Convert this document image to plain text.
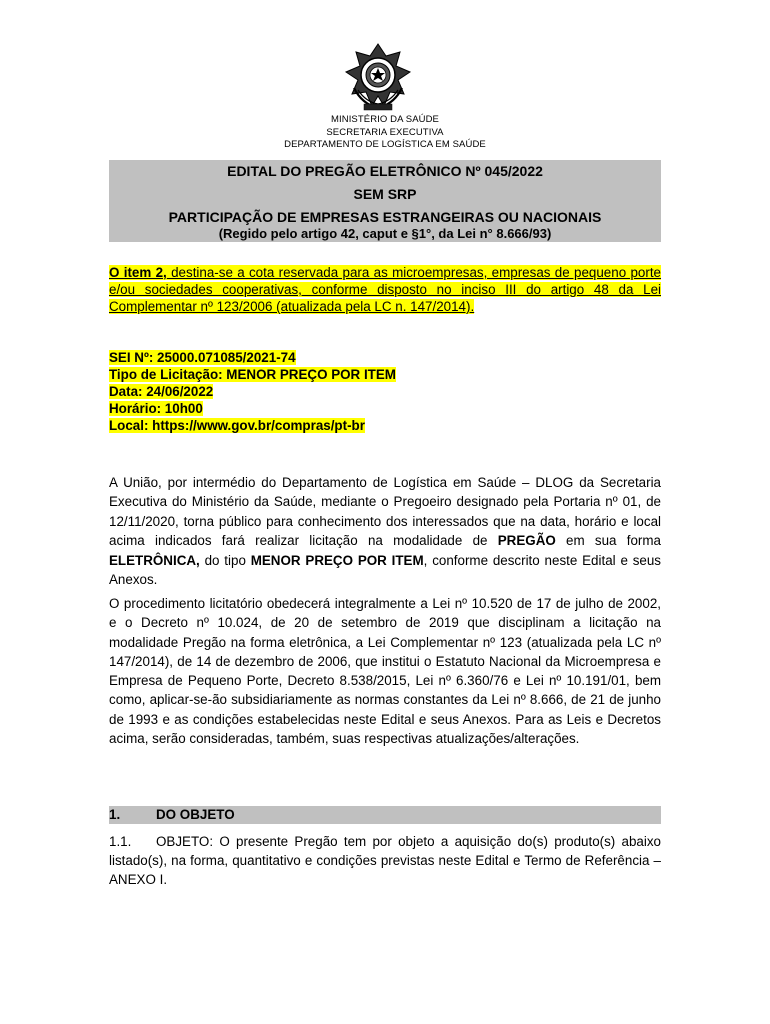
MINISTÉRIO DA SAÚDE
SECRETARIA EXECUTIVA
DEPARTAMENTO DE LOGÍSTICA EM SAÚDE
EDITAL DO PREGÃO ELETRÔNICO Nº 045/2022
SEM SRP
PARTICIPAÇÃO DE EMPRESAS ESTRANGEIRAS OU NACIONAIS
(Regido pelo artigo 42, caput e §1°, da Lei n° 8.666/93)
O item 2, destina-se a cota reservada para as microempresas, empresas de pequeno porte e/ou sociedades cooperativas, conforme disposto no inciso III do artigo 48 da Lei Complementar nº 123/2006 (atualizada pela LC n. 147/2014).
SEI Nº: 25000.071085/2021-74
Tipo de Licitação: MENOR PREÇO POR ITEM
Data: 24/06/2022
Horário: 10h00
Local: https://www.gov.br/compras/pt-br
A União, por intermédio do Departamento de Logística em Saúde – DLOG da Secretaria Executiva do Ministério da Saúde, mediante o Pregoeiro designado pela Portaria nº 01, de 12/11/2020, torna público para conhecimento dos interessados que na data, horário e local acima indicados fará realizar licitação na modalidade de PREGÃO em sua forma ELETRÔNICA, do tipo MENOR PREÇO POR ITEM, conforme descrito neste Edital e seus Anexos.
O procedimento licitatório obedecerá integralmente a Lei nº 10.520 de 17 de julho de 2002, e o Decreto nº 10.024, de 20 de setembro de 2019 que disciplinam a licitação na modalidade Pregão na forma eletrônica, a Lei Complementar nº 123 (atualizada pela LC nº 147/2014), de 14 de dezembro de 2006, que institui o Estatuto Nacional da Microempresa e Empresa de Pequeno Porte, Decreto 8.538/2015, Lei nº 6.360/76 e Lei nº 10.191/01, bem como, aplicar-se-ão subsidiariamente as normas constantes da Lei nº 8.666, de 21 de junho de 1993 e as condições estabelecidas neste Edital e seus Anexos. Para as Leis e Decretos acima, serão consideradas, também, suas respectivas atualizações/alterações.
1.	DO OBJETO
1.1. OBJETO: O presente Pregão tem por objeto a aquisição do(s) produto(s) abaixo listado(s), na forma, quantitativo e condições previstas neste Edital e Termo de Referência – ANEXO I.
